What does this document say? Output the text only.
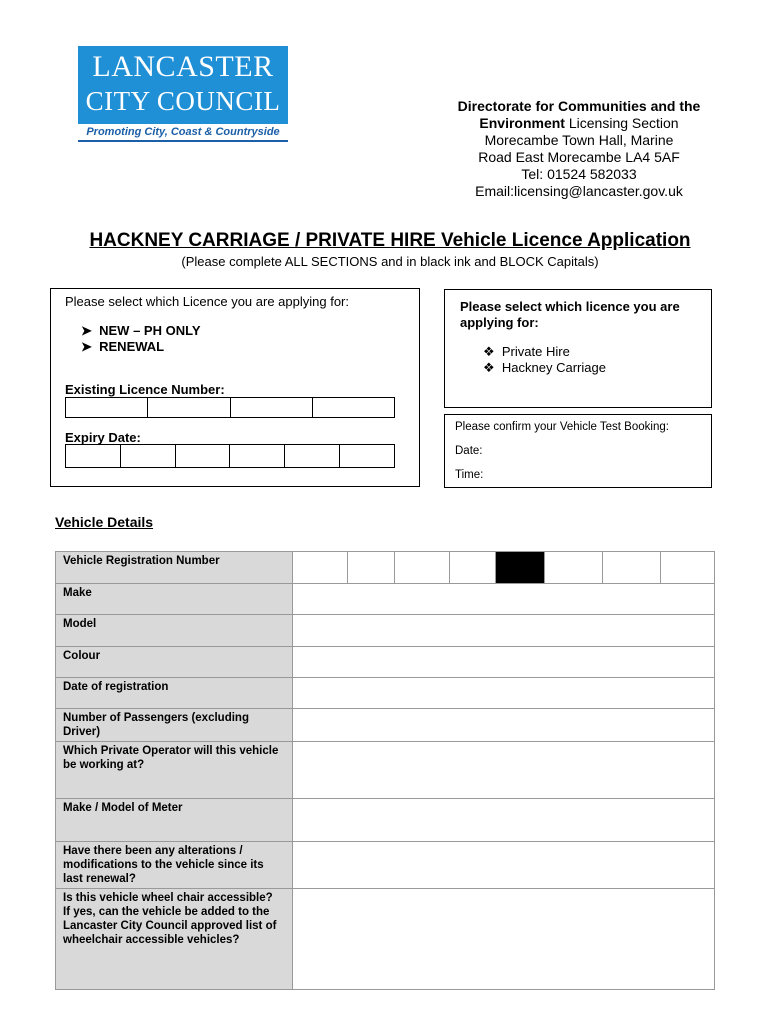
LANCASTER
CITY COUNCIL
Promoting City, Coast & Countryside
Directorate for Communities and the
Environment Licensing Section
Morecambe Town Hall, Marine
Road East Morecambe LA4 5AF
Tel: 01524 582033
Email:licensing@lancaster.gov.uk
HACKNEY CARRIAGE / PRIVATE HIRE Vehicle Licence Application
(Please complete ALL SECTIONS and in black ink and BLOCK Capitals)
Please select which Licence you are applying for:
➤  NEW – PH ONLY
➤  RENEWAL
Existing Licence Number:
Expiry Date:
Please select which licence you are applying for:
❖  Private Hire
❖  Hackney Carriage
Please confirm your Vehicle Test Booking:
Date:
Time:
Vehicle Details
Vehicle Registration Number	

Make	
Model	
Colour	
Date of registration	
Number of Passengers (excluding Driver)	
Which Private Operator will this vehicle be working at?	
Make / Model of Meter	
Have there been any alterations / modifications to the vehicle since its last renewal?	
Is this vehicle wheel chair accessible?
If yes, can the vehicle be added to the Lancaster City Council approved list of wheelchair accessible vehicles?	
